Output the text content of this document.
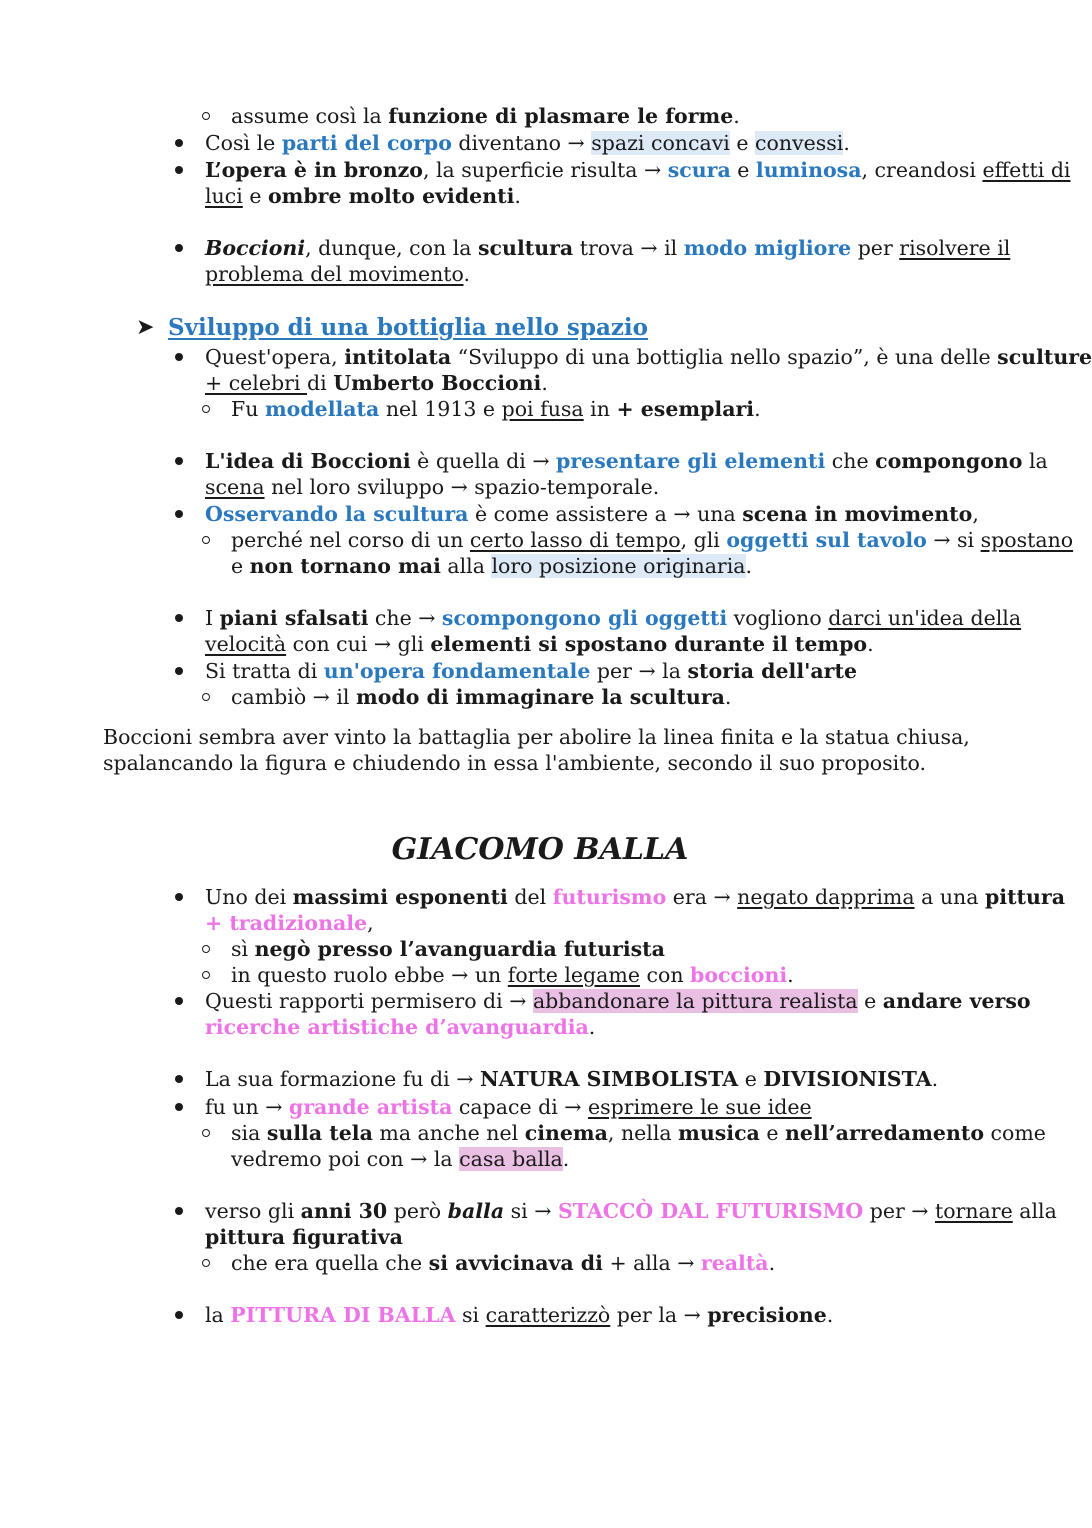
assume così la funzione di plasmare le forme.
Così le parti del corpo diventano → spazi concavi e convessi.
L’opera è in bronzo, la superficie risulta → scura e luminosa, creandosi effetti di
luci e ombre molto evidenti.
Boccioni, dunque, con la scultura trova → il modo migliore per risolvere il
problema del movimento.
➤ Sviluppo di una bottiglia nello spazio
Quest'opera, intitolata “Sviluppo di una bottiglia nello spazio”, è una delle sculture
+ celebri di Umberto Boccioni.
Fu modellata nel 1913 e poi fusa in + esemplari.
L'idea di Boccioni è quella di → presentare gli elementi che compongono la
scena nel loro sviluppo → spazio-temporale.
Osservando la scultura è come assistere a → una scena in movimento,
perché nel corso di un certo lasso di tempo, gli oggetti sul tavolo → si spostano
e non tornano mai alla loro posizione originaria.
I piani sfalsati che → scompongono gli oggetti vogliono darci un'idea della
velocità con cui → gli elementi si spostano durante il tempo.
Si tratta di un'opera fondamentale per → la storia dell'arte
cambiò → il modo di immaginare la scultura.
Boccioni sembra aver vinto la battaglia per abolire la linea finita e la statua chiusa,
spalancando la figura e chiudendo in essa l'ambiente, secondo il suo proposito.
GIACOMO BALLA
Uno dei massimi esponenti del futurismo era → negato dapprima a una pittura
+ tradizionale,
sì negò presso l’avanguardia futurista
in questo ruolo ebbe → un forte legame con boccioni.
Questi rapporti permisero di → abbandonare la pittura realista e andare verso
ricerche artistiche d’avanguardia.
La sua formazione fu di → NATURA SIMBOLISTA e DIVISIONISTA.
fu un → grande artista capace di → esprimere le sue idee
sia sulla tela ma anche nel cinema, nella musica e nell’arredamento come
vedremo poi con → la casa balla.
verso gli anni 30 però balla si → STACCÒ DAL FUTURISMO per → tornare alla
pittura figurativa
che era quella che si avvicinava di + alla → realtà.
la PITTURA DI BALLA si caratterizzò per la → precisione.
